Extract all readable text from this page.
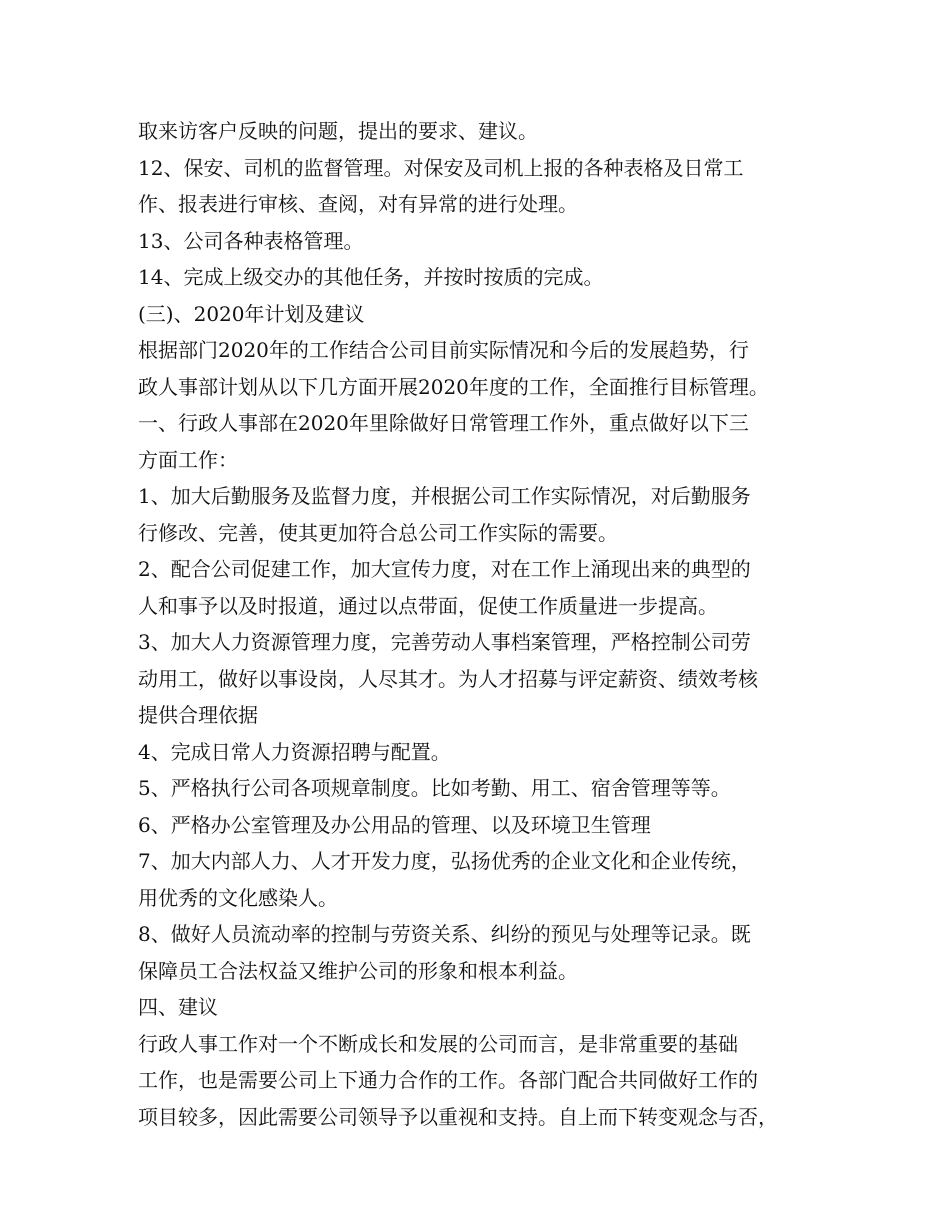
取来访客户反映的问题，提出的要求、建议。
12、保安、司机的监督管理。对保安及司机上报的各种表格及日常工
作、报表进行审核、查阅，对有异常的进行处理。
13、公司各种表格管理。
14、完成上级交办的其他任务，并按时按质的完成。
(三)、2020年计划及建议
根据部门2020年的工作结合公司目前实际情况和今后的发展趋势，行
政人事部计划从以下几方面开展2020年度的工作，全面推行目标管理。
一、行政人事部在2020年里除做好日常管理工作外，重点做好以下三
方面工作：
1、加大后勤服务及监督力度，并根据公司工作实际情况，对后勤服务
行修改、完善，使其更加符合总公司工作实际的需要。
2、配合公司促建工作，加大宣传力度，对在工作上涌现出来的典型的
人和事予以及时报道，通过以点带面，促使工作质量进一步提高。
3、加大人力资源管理力度，完善劳动人事档案管理，严格控制公司劳
动用工，做好以事设岗，人尽其才。为人才招募与评定薪资、绩效考核
提供合理依据
4、完成日常人力资源招聘与配置。
5、严格执行公司各项规章制度。比如考勤、用工、宿舍管理等等。
6、严格办公室管理及办公用品的管理、以及环境卫生管理
7、加大内部人力、人才开发力度，弘扬优秀的企业文化和企业传统，
用优秀的文化感染人。
8、做好人员流动率的控制与劳资关系、纠纷的预见与处理等记录。既
保障员工合法权益又维护公司的形象和根本利益。
四、建议
行政人事工作对一个不断成长和发展的公司而言，是非常重要的基础
工作，也是需要公司上下通力合作的工作。各部门配合共同做好工作的
项目较多，因此需要公司领导予以重视和支持。自上而下转变观念与否，
